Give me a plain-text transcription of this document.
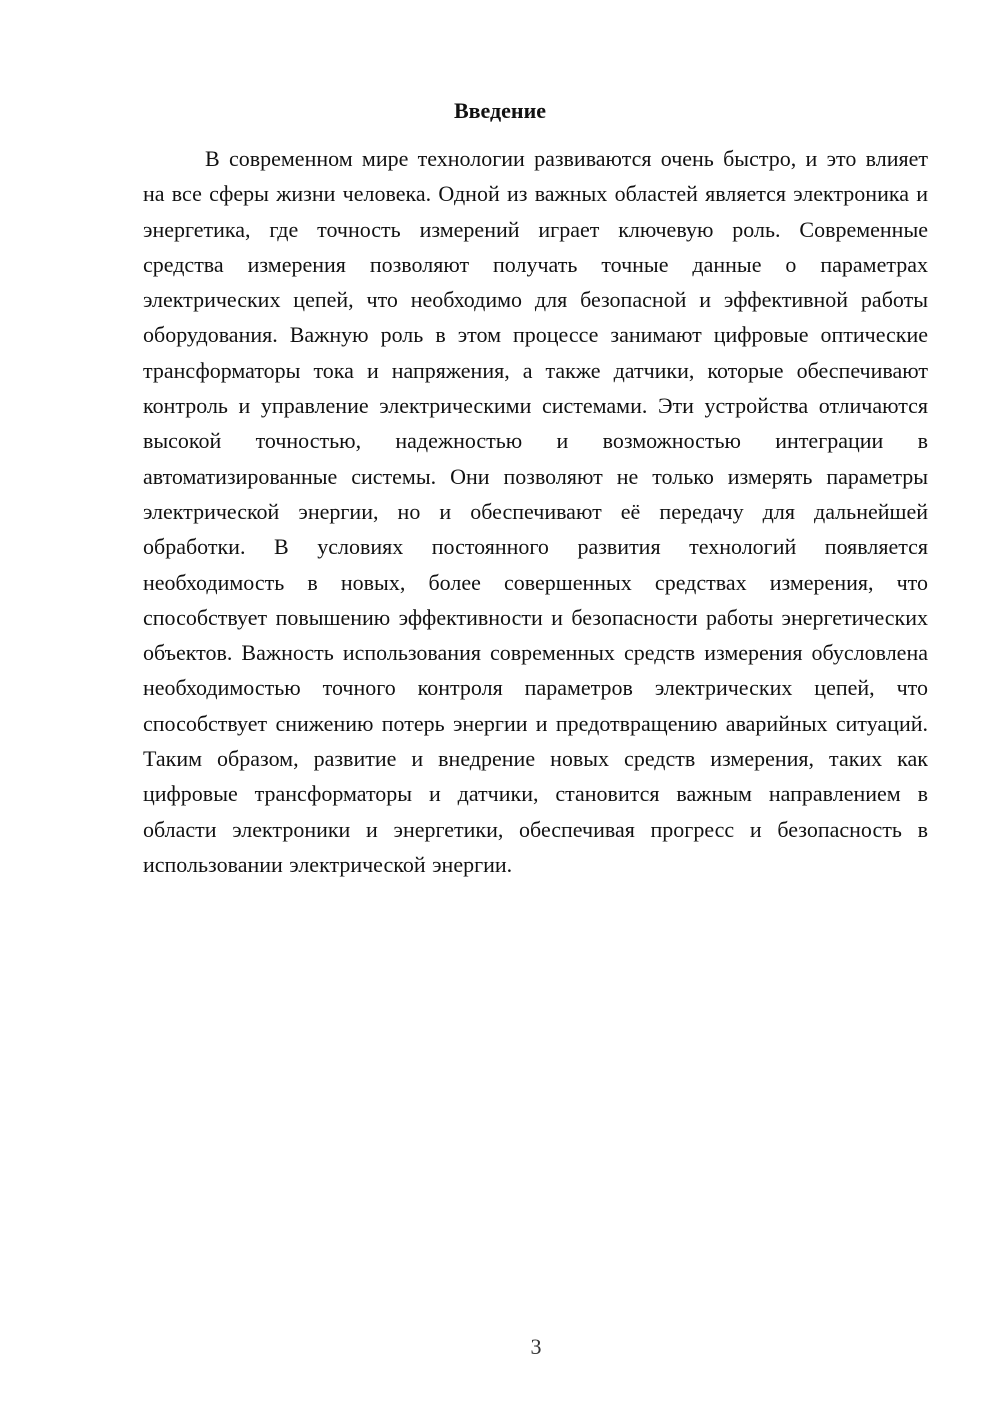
Введение

В современном мире технологии развиваются очень быстро, и это влияет на все сферы жизни человека. Одной из важных областей является электроника и энергетика, где точность измерений играет ключевую роль. Современные средства измерения позволяют получать точные данные о параметрах электрических цепей, что необходимо для безопасной и эффективной работы оборудования. Важную роль в этом процессе занимают цифровые оптические трансформаторы тока и напряжения, а также датчики, которые обеспечивают контроль и управление электрическими системами. Эти устройства отличаются высокой точностью, надежностью и возможностью интеграции в автоматизированные системы. Они позволяют не только измерять параметры электрической энергии, но и обеспечивают её передачу для дальнейшей обработки. В условиях постоянного развития технологий появляется необходимость в новых, более совершенных средствах измерения, что способствует повышению эффективности и безопасности работы энергетических объектов. Важность использования современных средств измерения обусловлена необходимостью точного контроля параметров электрических цепей, что способствует снижению потерь энергии и предотвращению аварийных ситуаций. Таким образом, развитие и внедрение новых средств измерения, таких как цифровые трансформаторы и датчики, становится важным направлением в области электроники и энергетики, обеспечивая прогресс и безопасность в использовании электрической энергии.

3
